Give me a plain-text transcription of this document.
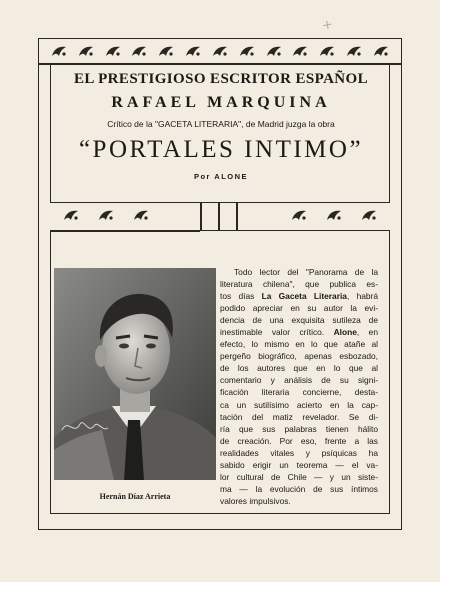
+

EL PRESTIGIOSO ESCRITOR ESPAÑOL

RAFAEL MARQUINA

Crítico de la "GACETA LITERARIA", de Madrid juzga la obra

“PORTALES INTIMO”

Por ALONE

Hernán Díaz Arrieta

Todo lector del "Panorama de la
literatura chilena", que publica es-
tos días La Gaceta Literaria, habrá
podido apreciar en su autor la evi-
dencia de una exquisita sutileza de
inestimable valor crítico. Alone, en
efecto, lo mismo en lo que atañe al
pergeño biográfico, apenas esbozado,
de los autores que en lo que al
comentario y análisis de su signi-
ficación literaria concierne, desta-
ca un sutilísimo acierto en la cap-
tación del matiz revelador. Se di-
ría que sus palabras tienen hálito
de creación. Por eso, frente a las
realidades vitales y psíquicas ha
sabido erigir un teorema — el va-
lor cultural de Chile — y un siste-
ma — la evolución de sus íntimos
valores impulsivos.
